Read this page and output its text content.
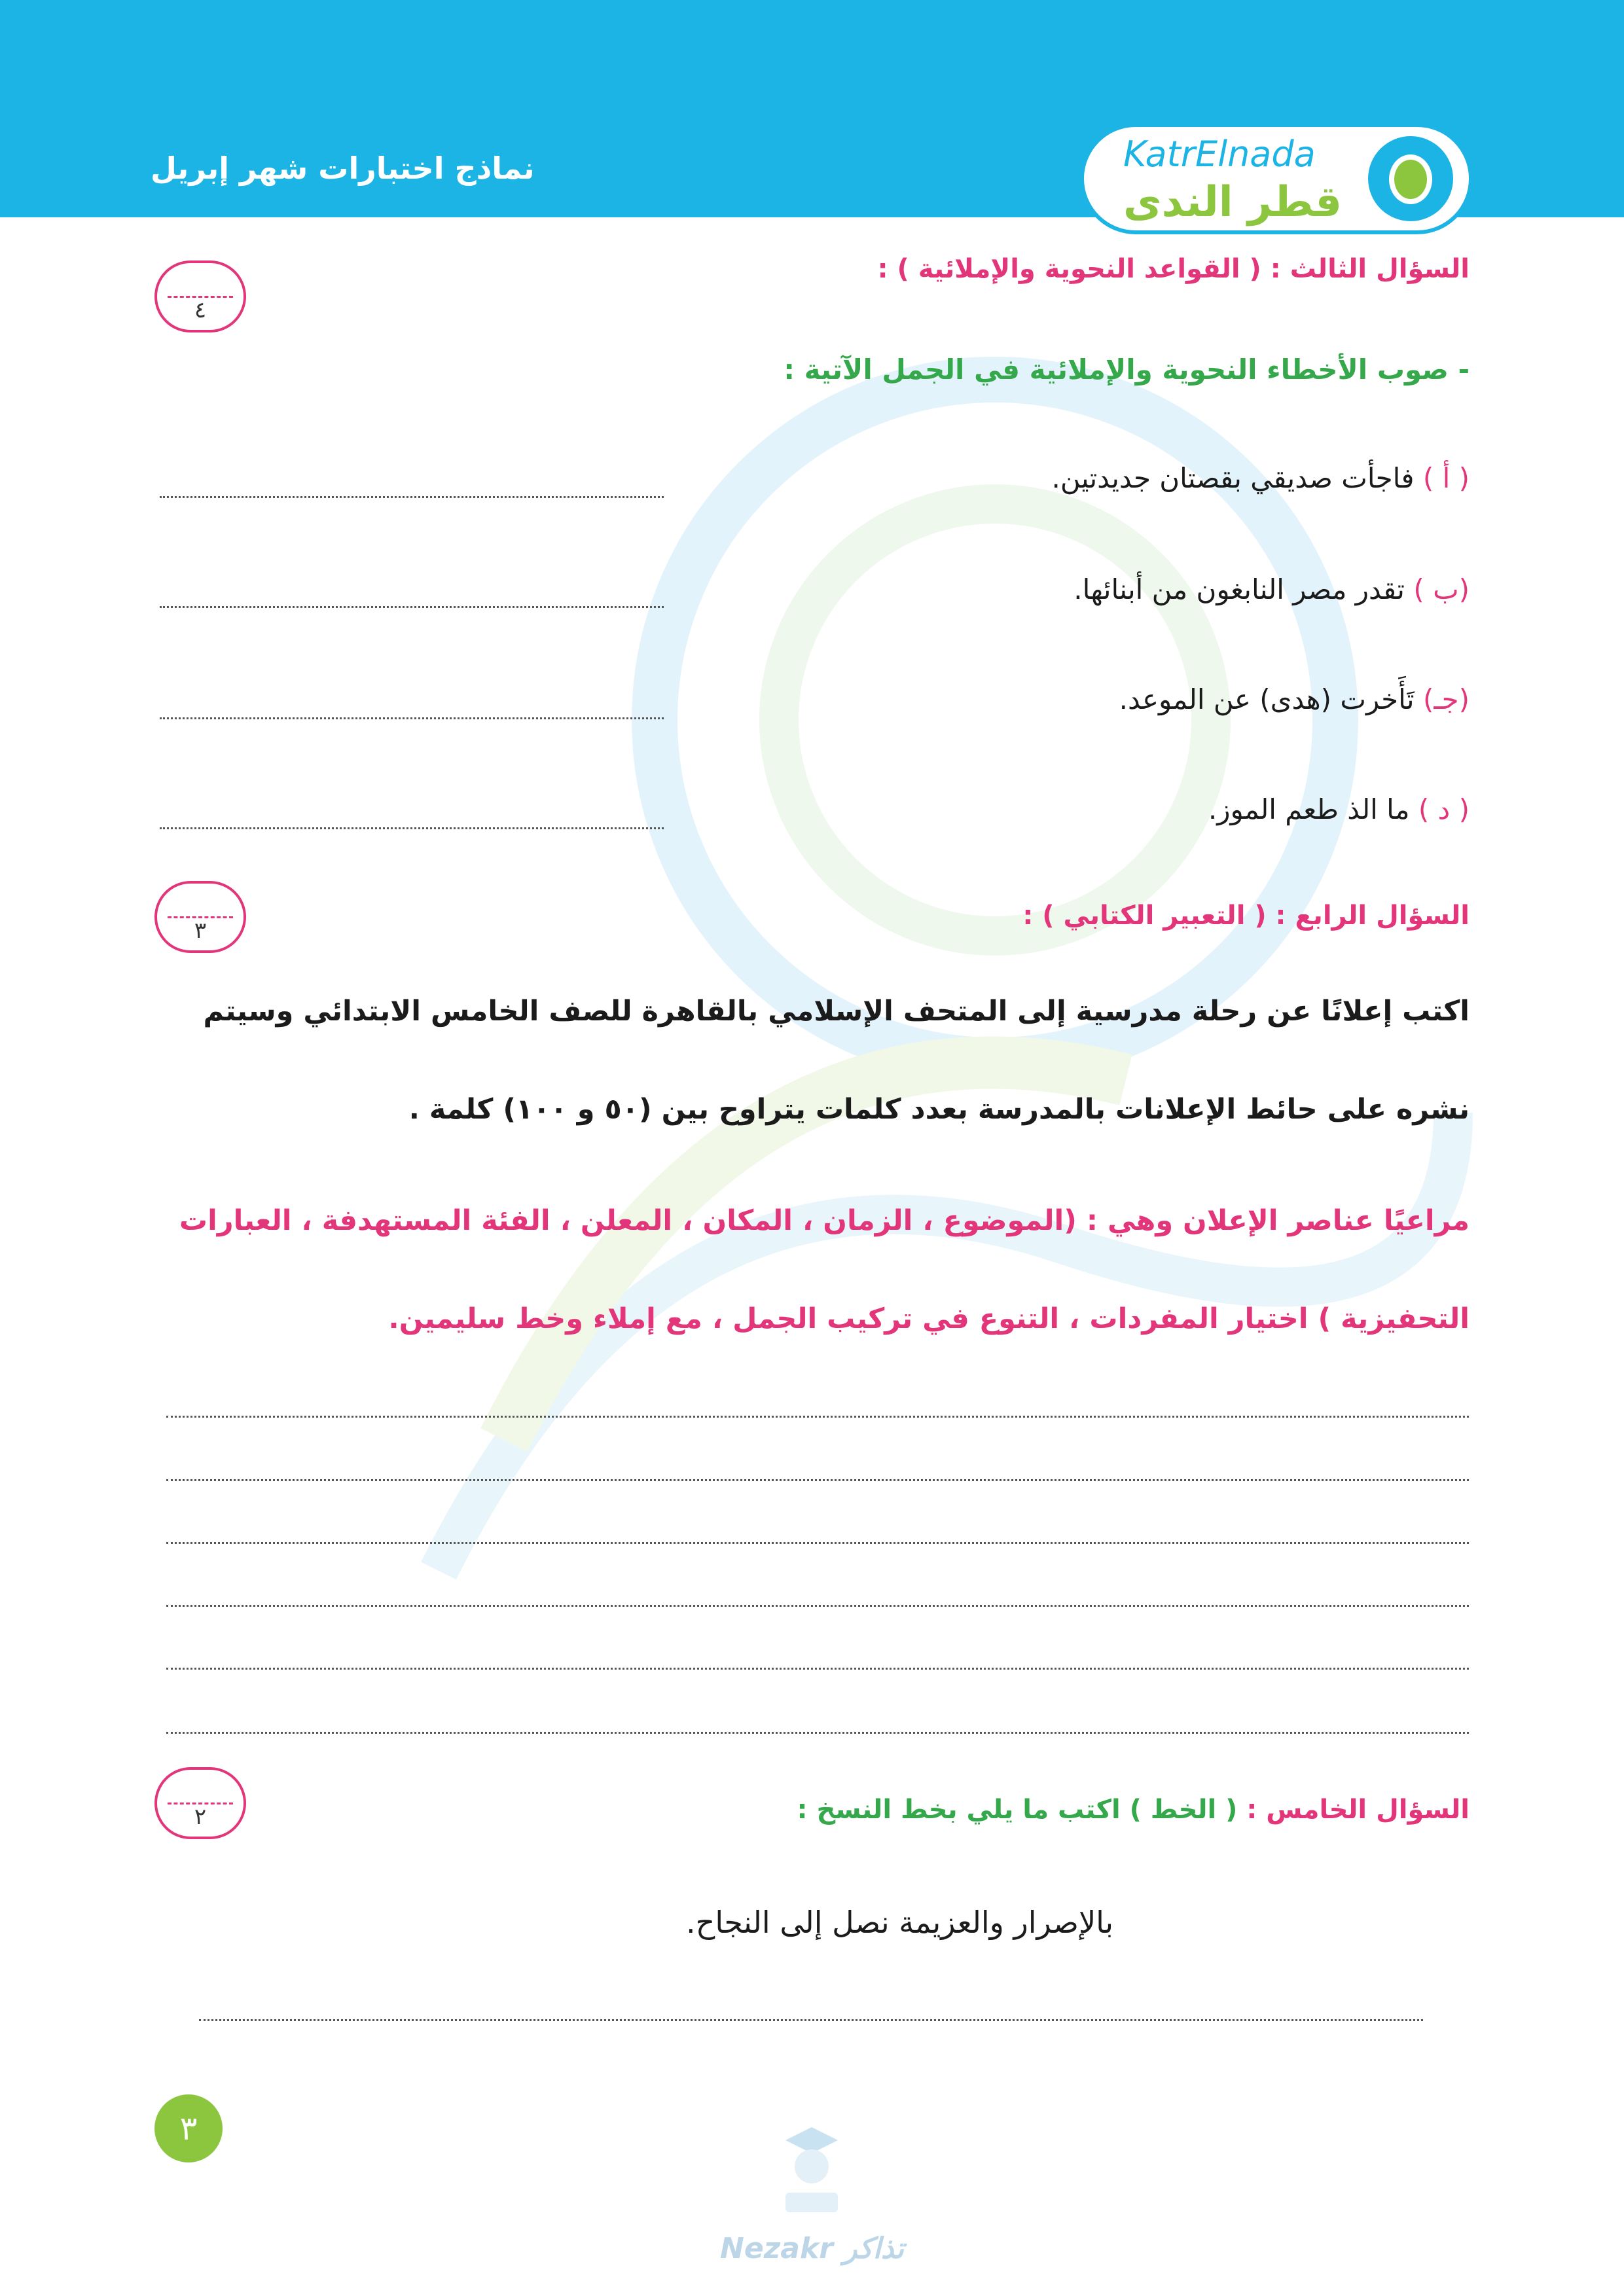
نماذج اختبارات شهر إبريل	KatrElnada
قطر الندى
٤
السؤال الثالث : ( القواعد النحوية والإملائية ) :
- صوب الأخطاء النحوية والإملائية في الجمل الآتية :
( أ ) فاجأت صديقي بقصتان جديدتين.
(ب ) تقدر مصر النابغون من أبنائها.
(جـ) تَأَخرت (هدى) عن الموعد.
( د ) ما الذ طعم الموز.
٣	السؤال الرابع : ( التعبير الكتابي ) :
اكتب إعلانًا عن رحلة مدرسية إلى المتحف الإسلامي بالقاهرة للصف الخامس الابتدائي وسيتم
نشره على حائط الإعلانات بالمدرسة بعدد كلمات يتراوح بين (٥٠ و ١٠٠) كلمة .
مراعيًا عناصر الإعلان وهي : (الموضوع ، الزمان ، المكان ، المعلن ، الفئة المستهدفة ، العبارات
التحفيزية ) اختيار المفردات ، التنوع في تركيب الجمل ، مع إملاء وخط سليمين.
٢	السؤال الخامس : ( الخط ) اكتب ما يلي بخط النسخ :
بالإصرار والعزيمة نصل إلى النجاح.
٣
Nezakr تذاكر
